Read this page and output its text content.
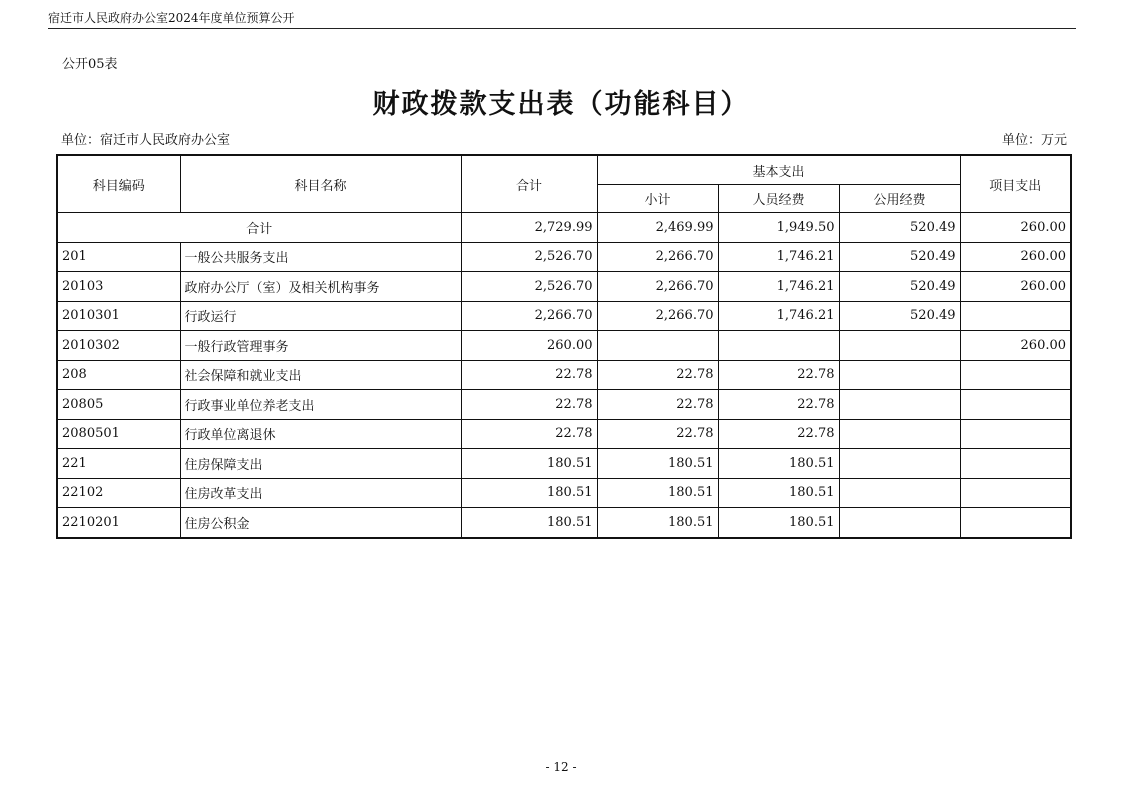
宿迁市人民政府办公室2024年度单位预算公开
公开05表
财政拨款支出表（功能科目）
单位：宿迁市人民政府办公室	单位：万元
科目编码	科目名称	合计	基本支出			项目支出
			小计	人员经费	公用经费	
合计		2,729.99	2,469.99	1,949.50	520.49	260.00
201	一般公共服务支出	2,526.70	2,266.70	1,746.21	520.49	260.00
20103	政府办公厅（室）及相关机构事务	2,526.70	2,266.70	1,746.21	520.49	260.00
2010301	行政运行	2,266.70	2,266.70	1,746.21	520.49	
2010302	一般行政管理事务	260.00				260.00
208	社会保障和就业支出	22.78	22.78	22.78		
20805	行政事业单位养老支出	22.78	22.78	22.78		
2080501	行政单位离退休	22.78	22.78	22.78		
221	住房保障支出	180.51	180.51	180.51		
22102	住房改革支出	180.51	180.51	180.51		
2210201	住房公积金	180.51	180.51	180.51		
- 12 -
